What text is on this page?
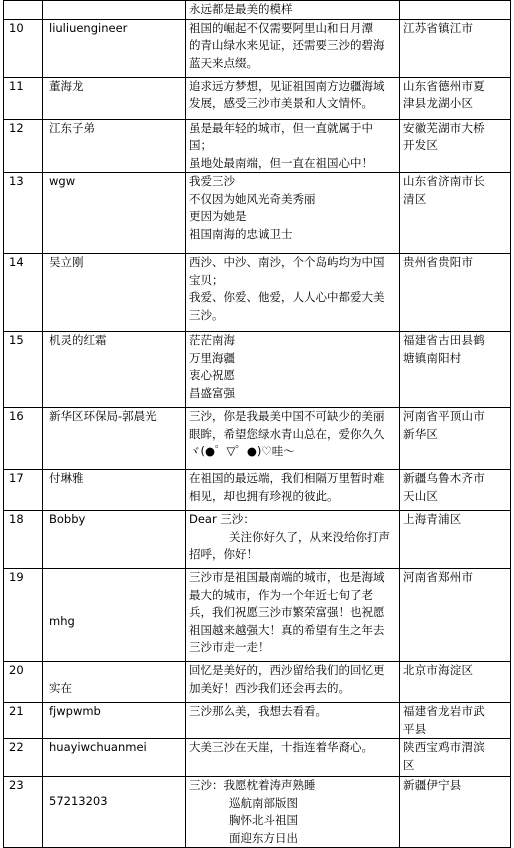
		永远都是最美的模样	

10	liuliuengineer	祖国的崛起不仅需要阿里山和日月潭
的青山绿水来见证，还需要三沙的碧海
蓝天来点缀。	江苏省镇江市

11	董海龙	追求远方梦想，见证祖国南方边疆海域
发展，感受三沙市美景和人文情怀。	山东省德州市夏
津县龙湖小区

12	江东子弟	虽是最年轻的城市，但一直就属于中
国；
虽地处最南端，但一直在祖国心中！	安徽芜湖市大桥
开发区

13	wgw	我爱三沙
不仅因为她风光奇美秀丽
更因为她是
祖国南海的忠诚卫士	山东省济南市长
清区

14	吴立刚	西沙、中沙、南沙，个个岛屿均为中国
宝贝；
我爱、你爱、他爱，人人心中都爱大美
三沙。	贵州省贵阳市

15	机灵的红霜	茫茫南海
万里海疆
衷心祝愿
昌盛富强	福建省古田县鹤
塘镇南阳村

16	新华区环保局-郭晨光	三沙，你是我最美中国不可缺少的美丽
眼眸，希望您绿水青山总在，爱你久久
ヾ(●゜▽゜●)♡哇～	河南省平顶山市
新华区

17	付琳雅	在祖国的最远端，我们相隔万里暂时难
相见，却也拥有珍视的彼此。	新疆乌鲁木齐市
天山区

18	Bobby	Dear 三沙：
关注你好久了，从来没给你打声
招呼，你好！	上海青浦区

19	mhg	三沙市是祖国最南端的城市，也是海域
最大的城市，作为一个年近七旬了老
兵，我们祝愿三沙市繁荣富强！也祝愿
祖国越来越强大！真的希望有生之年去
三沙市走一走！	河南省郑州市

20	实在	回忆是美好的，西沙留给我们的回忆更
加美好！西沙我们还会再去的。	北京市海淀区

21	fjwpwmb	三沙那么美，我想去看看。	福建省龙岩市武
平县

22	huayiwchuanmei	大美三沙在天崖，十指连着华裔心。	陕西宝鸡市渭滨
区

23	57213203	三沙：我愿枕着涛声熟睡
巡航南部版图
胸怀北斗祖国
面迎东方日出	新疆伊宁县
